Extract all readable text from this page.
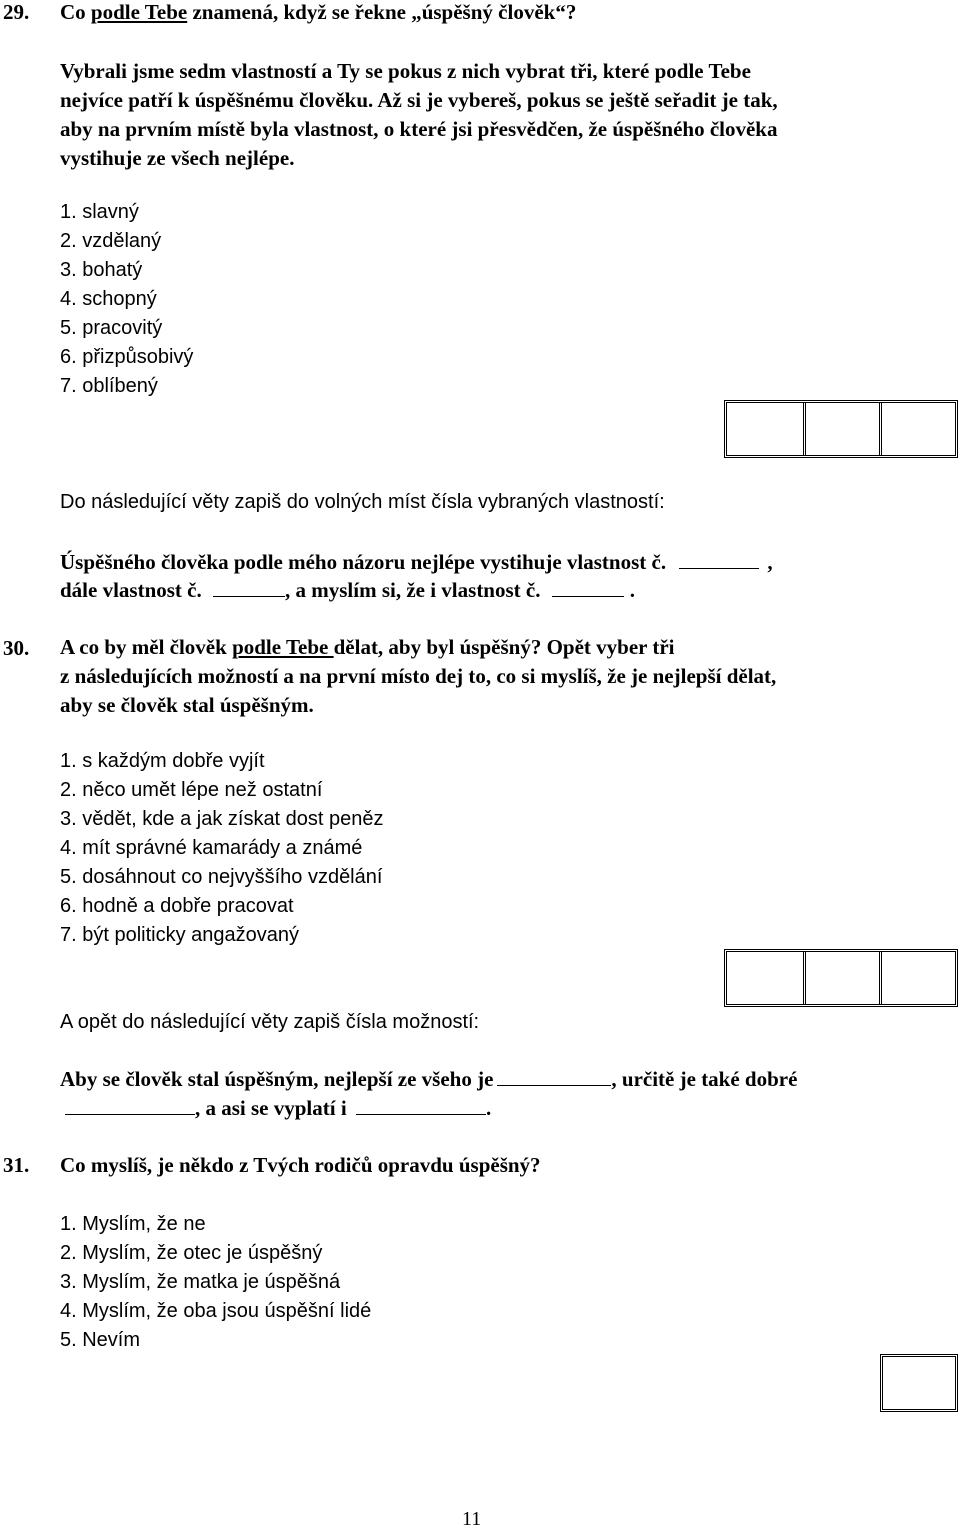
29. Co podle Tebe znamená, když se řekne „úspěšný člověk“?
Vybrali jsme sedm vlastností a Ty se pokus z nich vybrat tři, které podle Tebe
nejvíce patří k úspěšnému člověku. Až si je vybereš, pokus se ještě seřadit je tak,
aby na prvním místě byla vlastnost, o které jsi přesvědčen, že úspěšného člověka
vystihuje ze všech nejlépe.
1. slavný
2. vzdělaný
3. bohatý
4. schopný
5. pracovitý
6. přizpůsobivý
7. oblíbený
Do následující věty zapiš do volných míst čísla vybraných vlastností:
Úspěšného člověka podle mého názoru nejlépe vystihuje vlastnost č.	,
dále vlastnost č.	, a myslím si, že i vlastnost č.	.
30. A co by měl člověk podle Tebe dělat, aby byl úspěšný? Opět vyber tři
z následujících možností a na první místo dej to, co si myslíš, že je nejlepší dělat,
aby se člověk stal úspěšným.
1. s každým dobře vyjít
2. něco umět lépe než ostatní
3. vědět, kde a jak získat dost peněz
4. mít správné kamarády a známé
5. dosáhnout co nejvyššího vzdělání
6. hodně a dobře pracovat
7. být politicky angažovaný
A opět do následující věty zapiš čísla možností:
Aby se člověk stal úspěšným, nejlepší ze všeho je	, určitě je také dobré
, a asi se vyplatí i	.
31. Co myslíš, je někdo z Tvých rodičů opravdu úspěšný?
1. Myslím, že ne
2. Myslím, že otec je úspěšný
3. Myslím, že matka je úspěšná
4. Myslím, že oba jsou úspěšní lidé
5. Nevím
11
